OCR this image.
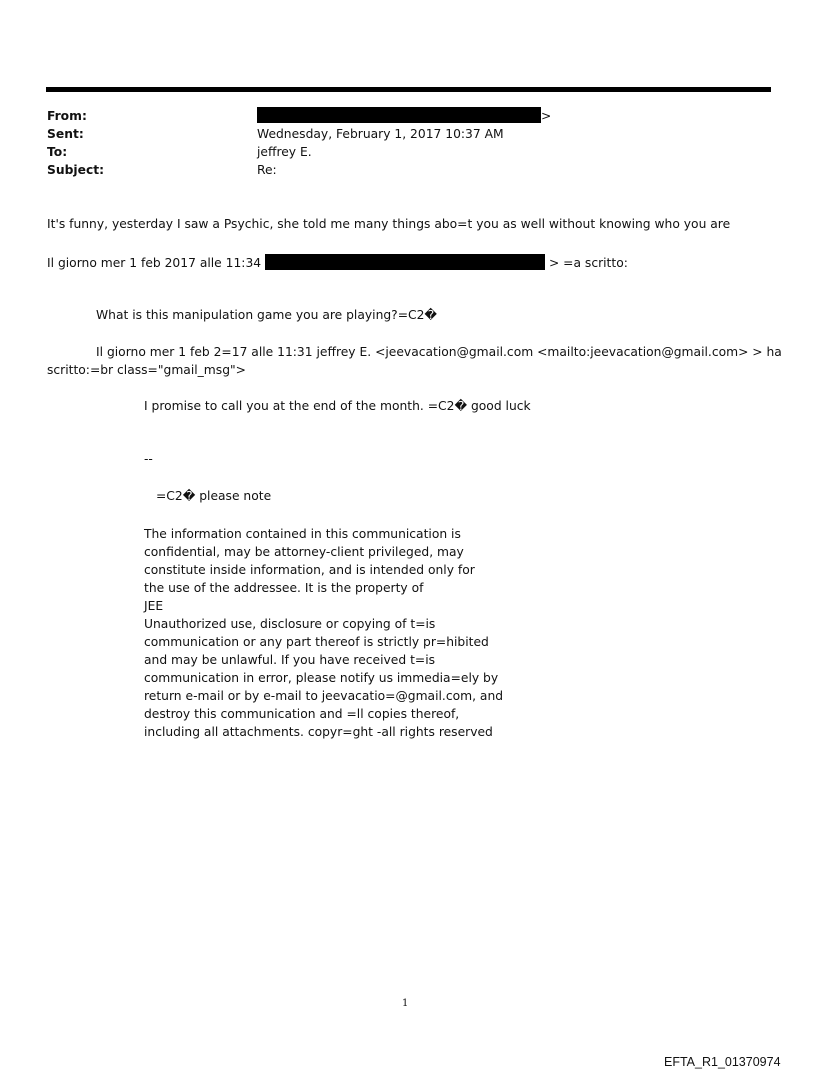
From:	>
Sent:	Wednesday, February 1, 2017 10:37 AM
To:	jeffrey E.
Subject:	Re:
It's funny, yesterday I saw a Psychic, she told me many things abo=t you as well without knowing who you are
Il giorno mer 1 feb 2017 alle 11:34	> =a scritto:
What is this manipulation game you are playing?=C2�
Il giorno mer 1 feb 2=17 alle 11:31 jeffrey E. <jeevacation@gmail.com <mailto:jeevacation@gmail.com> > ha
scritto:=br class="gmail_msg">
I promise to call you at the end of the month. =C2� good luck
--
=C2� please note
The information contained in this communication is
confidential, may be attorney-client privileged, may
constitute inside information, and is intended only for
the use of the addressee. It is the property of
JEE
Unauthorized use, disclosure or copying of t=is
communication or any part thereof is strictly pr=hibited
and may be unlawful. If you have received t=is
communication in error, please notify us immedia=ely by
return e-mail or by e-mail to jeevacatio=@gmail.com, and
destroy this communication and =ll copies thereof,
including all attachments. copyr=ght -all rights reserved
1
EFTA_R1_01370974
